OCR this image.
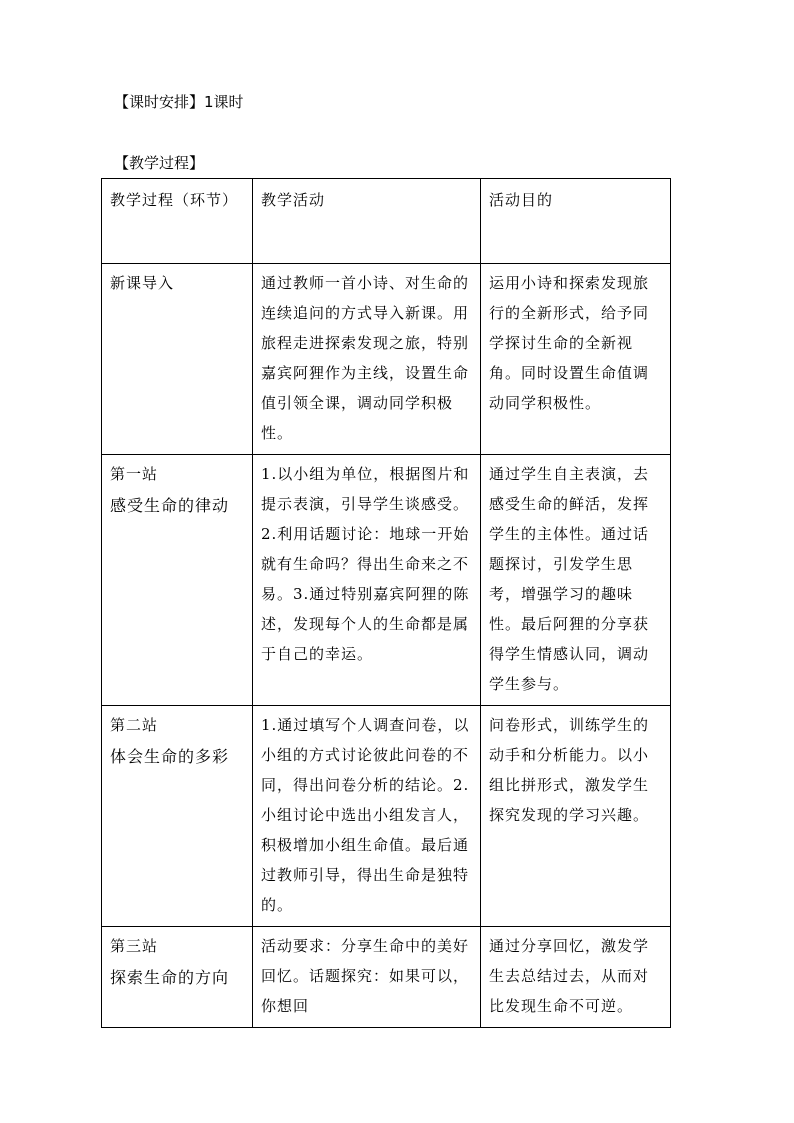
【课时安排】1课时
【教学过程】
教学过程（环节）	教学活动	活动目的

新课导入	通过教师一首小诗、对生命的连续追问的方式导入新课。用旅程走进探索发现之旅，特别嘉宾阿狸作为主线，设置生命值引领全课，调动同学积极性。	运用小诗和探索发现旅行的全新形式，给予同学探讨生命的全新视角。同时设置生命值调动同学积极性。

第一站
感受生命的律动	1.以小组为单位，根据图片和提示表演，引导学生谈感受。2.利用话题讨论：地球一开始就有生命吗？得出生命来之不易。3.通过特别嘉宾阿狸的陈述，发现每个人的生命都是属于自己的幸运。	通过学生自主表演，去感受生命的鲜活，发挥学生的主体性。通过话题探讨，引发学生思考，增强学习的趣味性。最后阿狸的分享获得学生情感认同，调动学生参与。

第二站
体会生命的多彩	1.通过填写个人调查问卷，以小组的方式讨论彼此问卷的不同，得出问卷分析的结论。2.小组讨论中选出小组发言人，积极增加小组生命值。最后通过教师引导，得出生命是独特的。	问卷形式，训练学生的动手和分析能力。以小组比拼形式，激发学生探究发现的学习兴趣。

第三站
探索生命的方向	活动要求：分享生命中的美好回忆。话题探究：如果可以，你想回	通过分享回忆，激发学生去总结过去，从而对比发现生命不可逆。
